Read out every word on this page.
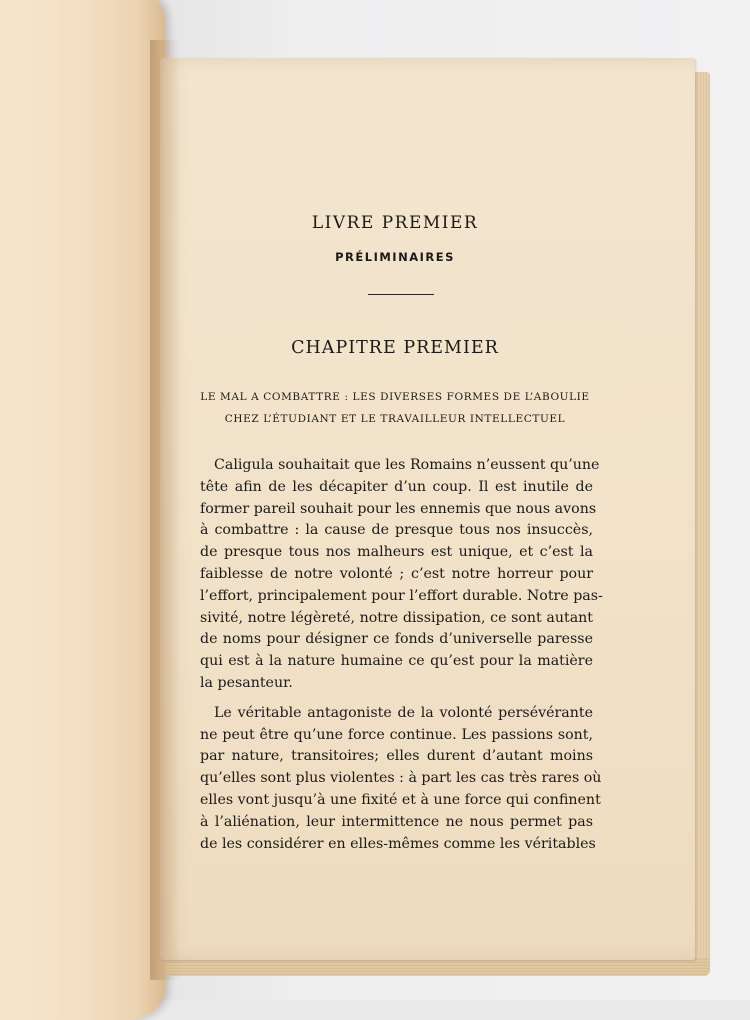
LIVRE PREMIER
PRÉLIMINAIRES
CHAPITRE PREMIER
LE MAL A COMBATTRE : LES DIVERSES FORMES DE L’ABOULIE
CHEZ L’ÉTUDIANT ET LE TRAVAILLEUR INTELLECTUEL

Caligula souhaitait que les Romains n’eussent qu’une
tête afin de les décapiter d’un coup. Il est inutile de
former pareil souhait pour les ennemis que nous avons
à combattre : la cause de presque tous nos insuccès,
de presque tous nos malheurs est unique, et c’est la
faiblesse de notre volonté ; c’est notre horreur pour
l’effort, principalement pour l’effort durable. Notre pas-
sivité, notre légèreté, notre dissipation, ce sont autant
de noms pour désigner ce fonds d’universelle paresse
qui est à la nature humaine ce qu’est pour la matière
la pesanteur.

Le véritable antagoniste de la volonté persévérante
ne peut être qu’une force continue. Les passions sont,
par nature, transitoires; elles durent d’autant moins
qu’elles sont plus violentes : à part les cas très rares où
elles vont jusqu’à une fixité et à une force qui confinent
à l’aliénation, leur intermittence ne nous permet pas
de les considérer en elles-mêmes comme les véritables
